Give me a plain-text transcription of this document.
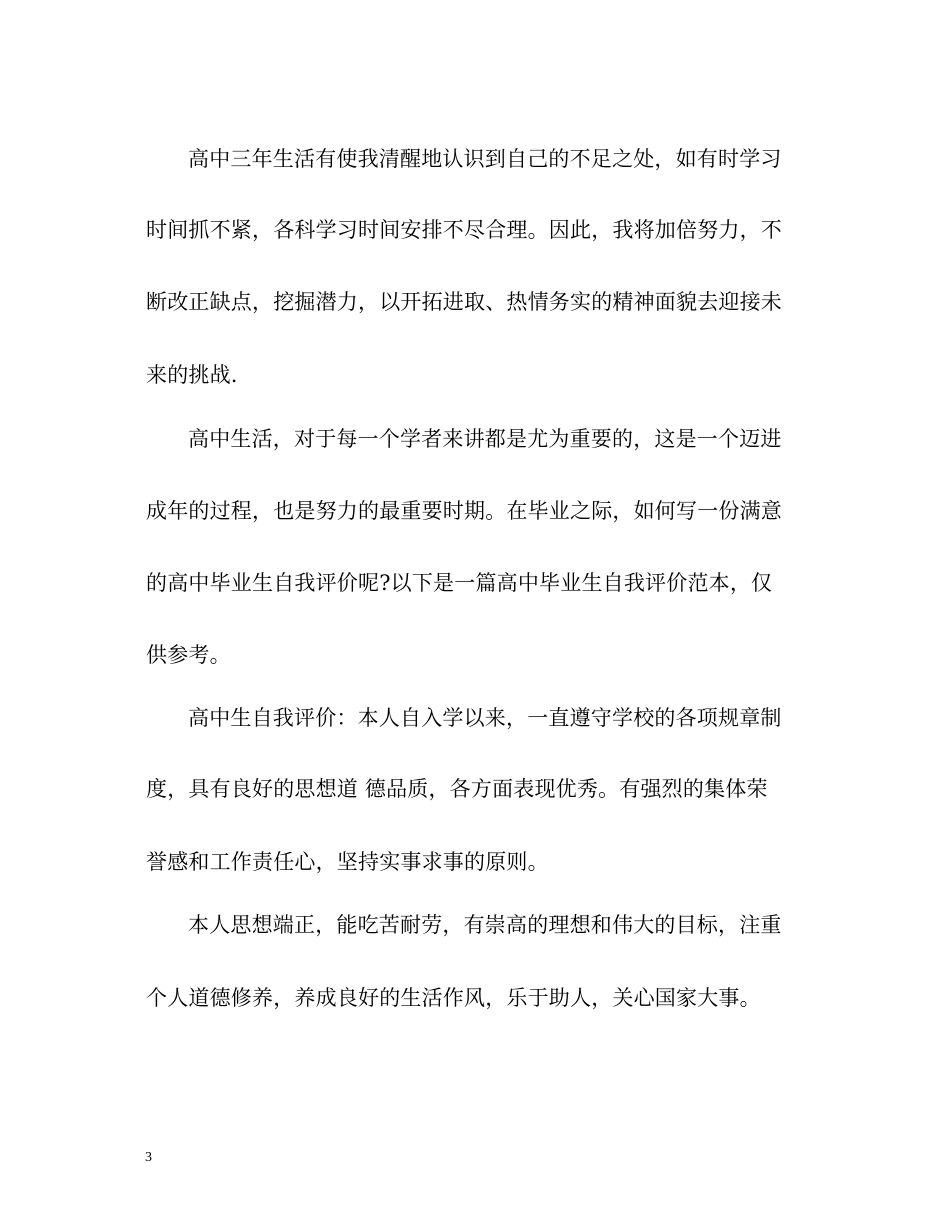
高中三年生活有使我清醒地认识到自己的不足之处，如有时学习
时间抓不紧，各科学习时间安排不尽合理。因此，我将加倍努力，不
断改正缺点，挖掘潜力，以开拓进取、热情务实的精神面貌去迎接未
来的挑战.
高中生活，对于每一个学者来讲都是尤为重要的，这是一个迈进
成年的过程，也是努力的最重要时期。在毕业之际，如何写一份满意
的高中毕业生自我评价呢?以下是一篇高中毕业生自我评价范本，仅
供参考。
高中生自我评价：本人自入学以来，一直遵守学校的各项规章制
度，具有良好的思想道 德品质，各方面表现优秀。有强烈的集体荣
誉感和工作责任心，坚持实事求事的原则。
本人思想端正，能吃苦耐劳，有崇高的理想和伟大的目标，注重
个人道德修养，养成良好的生活作风，乐于助人，关心国家大事。
3
